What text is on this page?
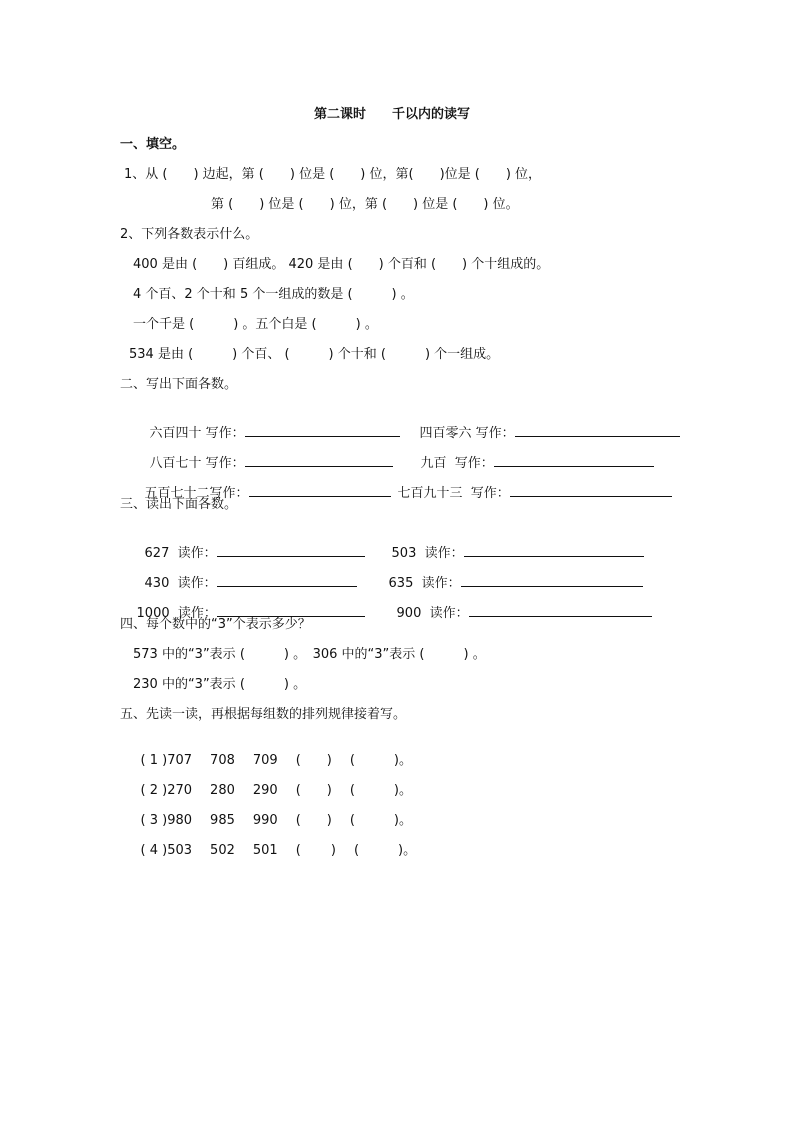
第二课时　　千以内的读写
一、填空。
1、从 (　　) 边起，第 (　　) 位是 (　　) 位，第(　　)位是 (　　) 位，
第 (　　) 位是 (　　) 位，第 (　　) 位是 (　　) 位。
2、下列各数表示什么。
400 是由 (　　) 百组成。 420 是由 (　　) 个百和 (　　) 个十组成的。
4 个百、2 个十和 5 个一组成的数是 (　　　) 。
一个千是 (　　　) 。五个白是 (　　　) 。
534 是由 (　　　) 个百、 (　　　) 个十和 (　　　) 个一组成。
二、写出下面各数。

六百四十 写作：
	四百零六 写作：

八百七十 写作：
	九百  写作：

五百七十二写作：
	七百九十三  写作：

三、读出下面各数。

627  读作：
	503  读作：

430  读作：
	635  读作：

1000  读作：
	900  读作：

四、每个数中的“3”个表示多少？
573 中的“3”表示 (　　　) 。　306 中的“3”表示 (　　　) 。
230 中的“3”表示 (　　　) 。
五、先读一读，再根据每组数的排列规律接着写。

( 1 )707 708 709 (　　) (　　　)。

( 2 )270 280 290 (　　) (　　　)。

( 3 )980 985 990 (　　) (　　　)。

( 4 )503 502 501 (　　 ) (　　　)。
